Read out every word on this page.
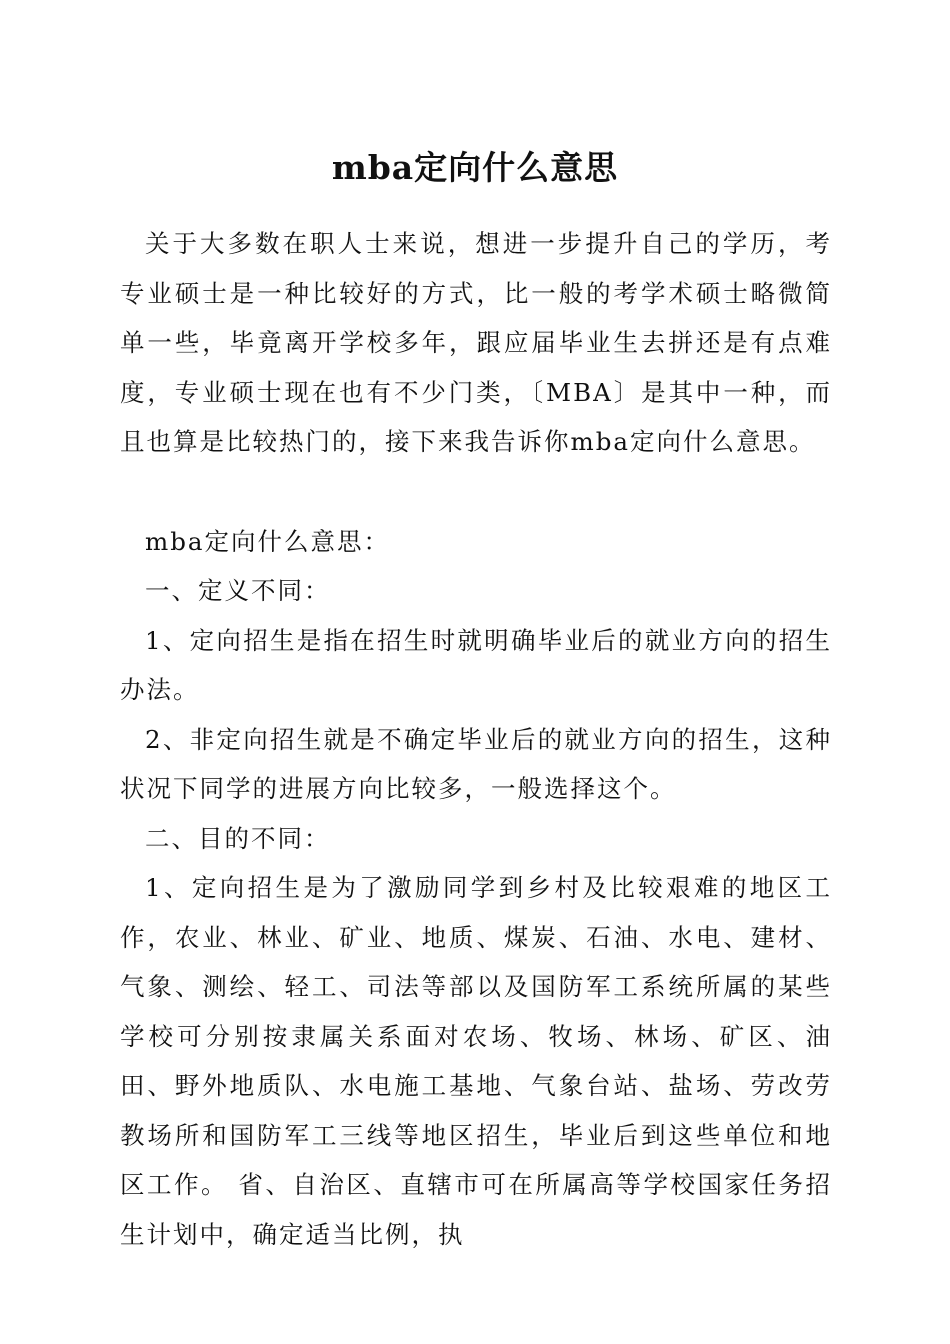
mba定向什么意思

关于大多数在职人士来说，想进一步提升自己的学历，考专业硕士是一种比较好的方式，比一般的考学术硕士略微简单一些，毕竟离开学校多年，跟应届毕业生去拼还是有点难度，专业硕士现在也有不少门类，〔MBA〕是其中一种，而且也算是比较热门的，接下来我告诉你mba定向什么意思。

mba定向什么意思：

一、定义不同：

1、定向招生是指在招生时就明确毕业后的就业方向的招生办法。

2、非定向招生就是不确定毕业后的就业方向的招生，这种状况下同学的进展方向比较多，一般选择这个。

二、目的不同：

1、定向招生是为了激励同学到乡村及比较艰难的地区工作，农业、林业、矿业、地质、煤炭、石油、水电、建材、气象、测绘、轻工、司法等部以及国防军工系统所属的某些学校可分别按隶属关系面对农场、牧场、林场、矿区、油田、野外地质队、水电施工基地、气象台站、盐场、劳改劳教场所和国防军工三线等地区招生，毕业后到这些单位和地区工作。 省、自治区、直辖市可在所属高等学校国家任务招生计划中，确定适当比例，执
